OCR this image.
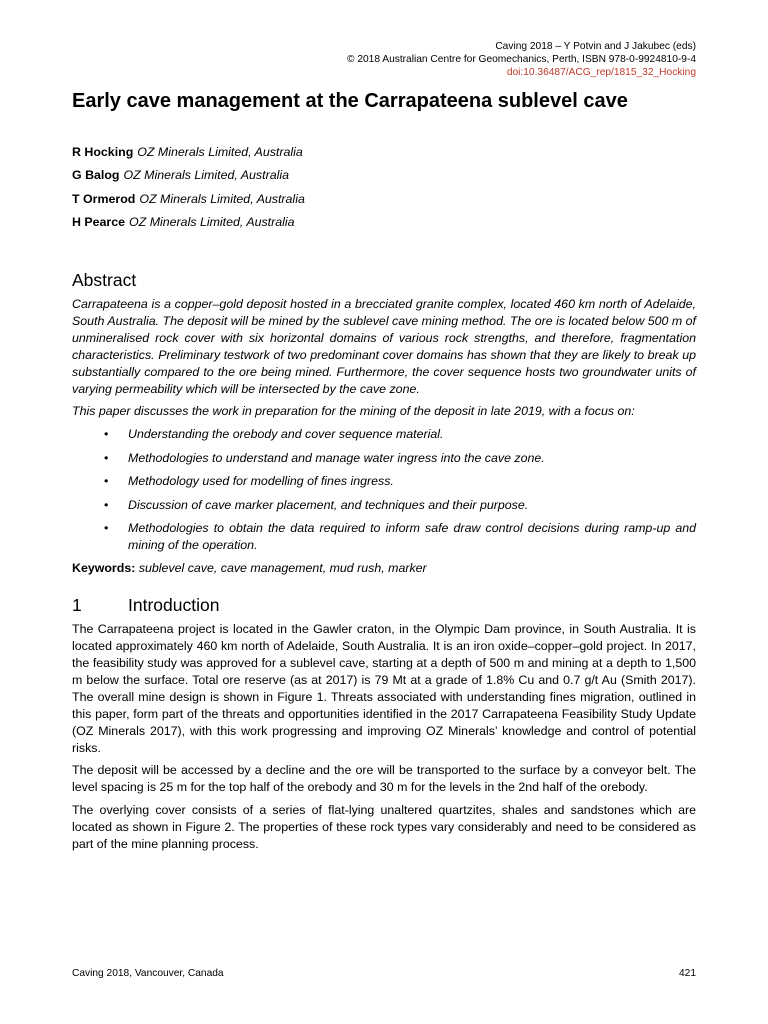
Caving 2018 – Y Potvin and J Jakubec (eds)
© 2018 Australian Centre for Geomechanics, Perth, ISBN 978-0-9924810-9-4
doi:10.36487/ACG_rep/1815_32_Hocking
Early cave management at the Carrapateena sublevel cave
R Hocking OZ Minerals Limited, Australia
G Balog OZ Minerals Limited, Australia
T Ormerod OZ Minerals Limited, Australia
H Pearce OZ Minerals Limited, Australia
Abstract

Carrapateena is a copper–gold deposit hosted in a brecciated granite complex, located 460 km north of Adelaide, South Australia. The deposit will be mined by the sublevel cave mining method. The ore is located below 500 m of unmineralised rock cover with six horizontal domains of various rock strengths, and therefore, fragmentation characteristics. Preliminary testwork of two predominant cover domains has shown that they are likely to break up substantially compared to the ore being mined. Furthermore, the cover sequence hosts two groundwater units of varying permeability which will be intersected by the cave zone.

This paper discusses the work in preparation for the mining of the deposit in late 2019, with a focus on:

• Understanding the orebody and cover sequence material.
• Methodologies to understand and manage water ingress into the cave zone.
• Methodology used for modelling of fines ingress.
• Discussion of cave marker placement, and techniques and their purpose.
• Methodologies to obtain the data required to inform safe draw control decisions during ramp-up and mining of the operation.

Keywords: sublevel cave, cave management, mud rush, marker

1	Introduction

The Carrapateena project is located in the Gawler craton, in the Olympic Dam province, in South Australia. It is located approximately 460 km north of Adelaide, South Australia. It is an iron oxide–copper–gold project. In 2017, the feasibility study was approved for a sublevel cave, starting at a depth of 500 m and mining at a depth to 1,500 m below the surface. Total ore reserve (as at 2017) is 79 Mt at a grade of 1.8% Cu and 0.7 g/t Au (Smith 2017). The overall mine design is shown in Figure 1. Threats associated with understanding fines migration, outlined in this paper, form part of the threats and opportunities identified in the 2017 Carrapateena Feasibility Study Update (OZ Minerals 2017), with this work progressing and improving OZ Minerals’ knowledge and control of potential risks.

The deposit will be accessed by a decline and the ore will be transported to the surface by a conveyor belt. The level spacing is 25 m for the top half of the orebody and 30 m for the levels in the 2nd half of the orebody.

The overlying cover consists of a series of flat-lying unaltered quartzites, shales and sandstones which are located as shown in Figure 2. The properties of these rock types vary considerably and need to be considered as part of the mine planning process.

Caving 2018, Vancouver, Canada	421
